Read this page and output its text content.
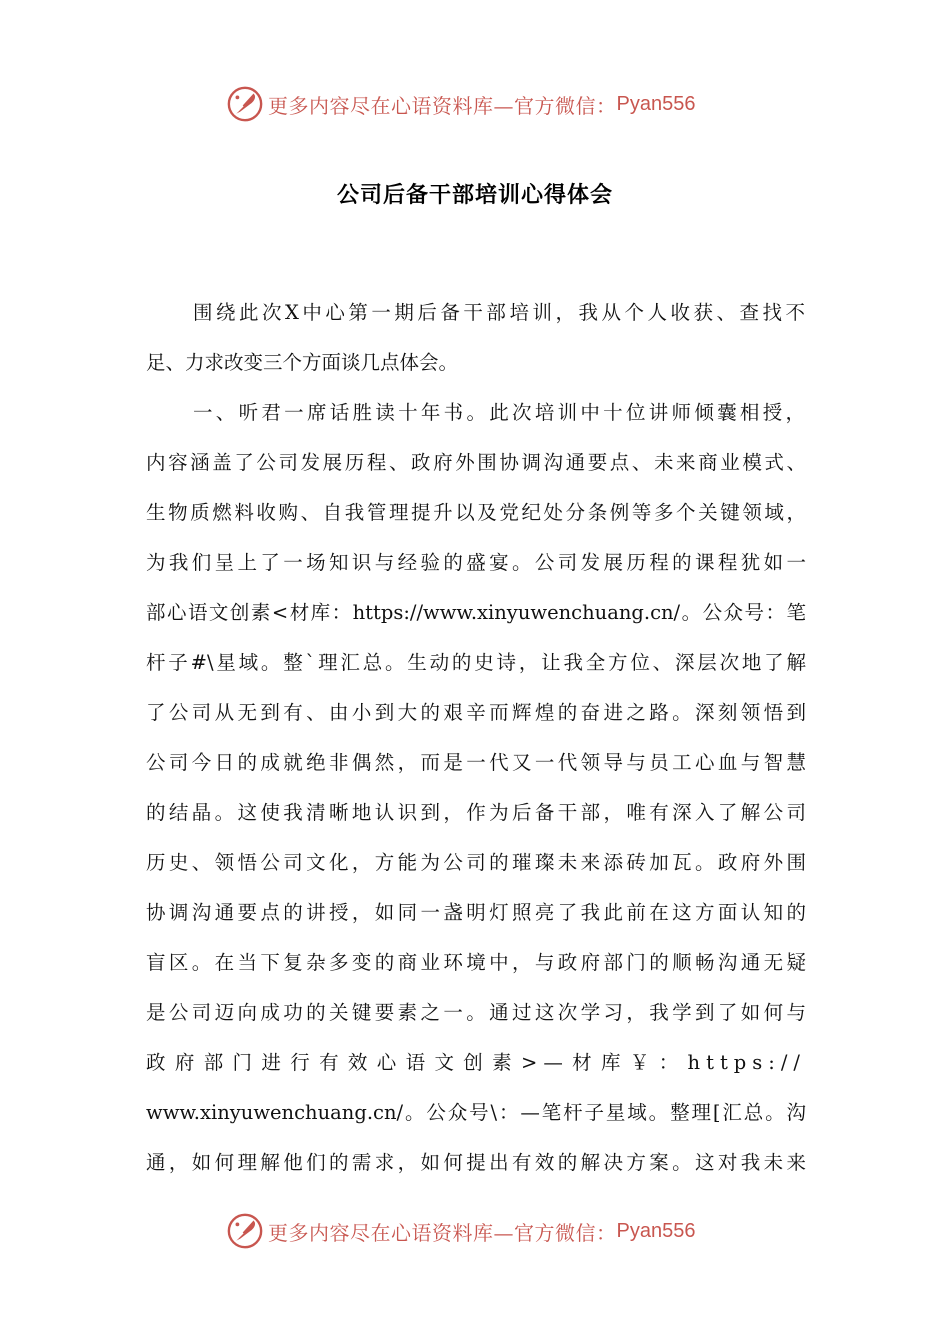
更多内容尽在心语资料库—官方微信： Pyan556
公司后备干部培训心得体会
围绕此次X中心第一期后备干部培训，我从个人收获、查找不
足、力求改变三个方面谈几点体会。
一、听君一席话胜读十年书。此次培训中十位讲师倾囊相授，
内容涵盖了公司发展历程、政府外围协调沟通要点、未来商业模式、
生物质燃料收购、自我管理提升以及党纪处分条例等多个关键领域，
为我们呈上了一场知识与经验的盛宴。公司发展历程的课程犹如一
部心语文创素<材库：https://www.xinyuwenchuang.cn/。公众号：笔
杆子#\星域。整`理汇总。生动的史诗，让我全方位、深层次地了解
了公司从无到有、由小到大的艰辛而辉煌的奋进之路。深刻领悟到
公司今日的成就绝非偶然，而是一代又一代领导与员工心血与智慧
的结晶。这使我清晰地认识到，作为后备干部，唯有深入了解公司
历史、领悟公司文化，方能为公司的璀璨未来添砖加瓦。政府外围
协调沟通要点的讲授，如同一盏明灯照亮了我此前在这方面认知的
盲区。在当下复杂多变的商业环境中，与政府部门的顺畅沟通无疑
是公司迈向成功的关键要素之一。通过这次学习，我学到了如何与
政府部门进行有效心语文创素>—材库￥：https://
www.xinyuwenchuang.cn/。公众号\：—笔杆子星域。整理[汇总。沟
通，如何理解他们的需求，如何提出有效的解决方案。这对我未来
更多内容尽在心语资料库—官方微信： Pyan556
